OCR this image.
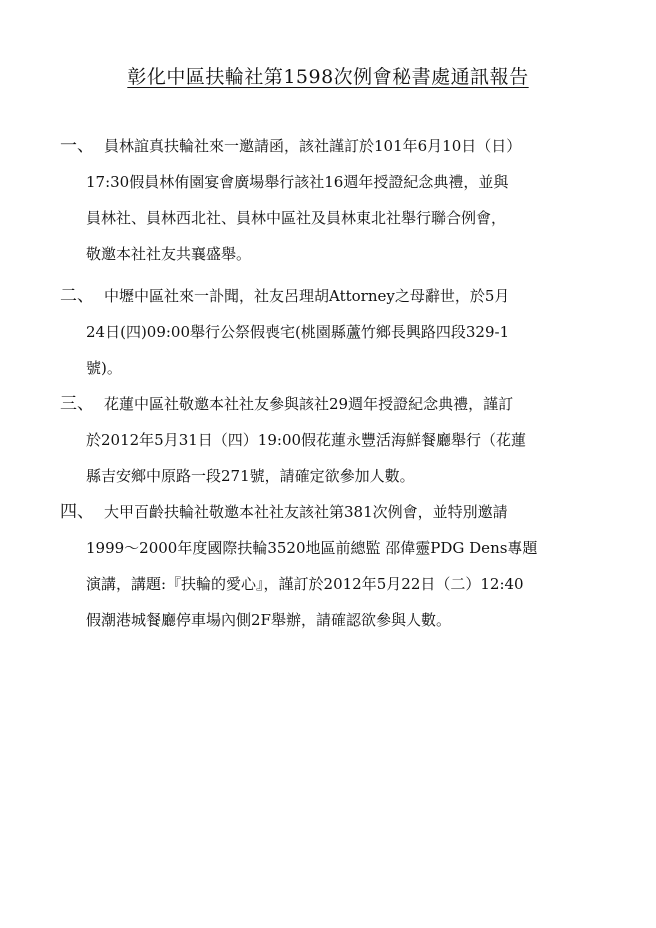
彰化中區扶輪社第1598次例會秘書處通訊報告
一、 員林誼真扶輪社來一邀請函，該社謹訂於101年6月10日（日）
17:30假員林侑園宴會廣場舉行該社16週年授證紀念典禮，並與
員林社、員林西北社、員林中區社及員林東北社舉行聯合例會，
敬邀本社社友共襄盛舉。
二、 中壢中區社來一訃聞，社友呂理胡Attorney之母辭世，於5月
24日(四)09:00舉行公祭假喪宅(桃園縣蘆竹鄉長興路四段329-1
號)。
三、 花蓮中區社敬邀本社社友參與該社29週年授證紀念典禮，謹訂
於2012年5月31日（四）19:00假花蓮永豐活海鮮餐廳舉行（花蓮
縣吉安鄉中原路一段271號，請確定欲參加人數。
四、 大甲百齡扶輪社敬邀本社社友該社第381次例會，並特別邀請
1999～2000年度國際扶輪3520地區前總監 邵偉靈PDG Dens專題
演講，講題:『扶輪的愛心』，謹訂於2012年5月22日（二）12:40
假潮港城餐廳停車場內側2F舉辦，請確認欲參與人數。
